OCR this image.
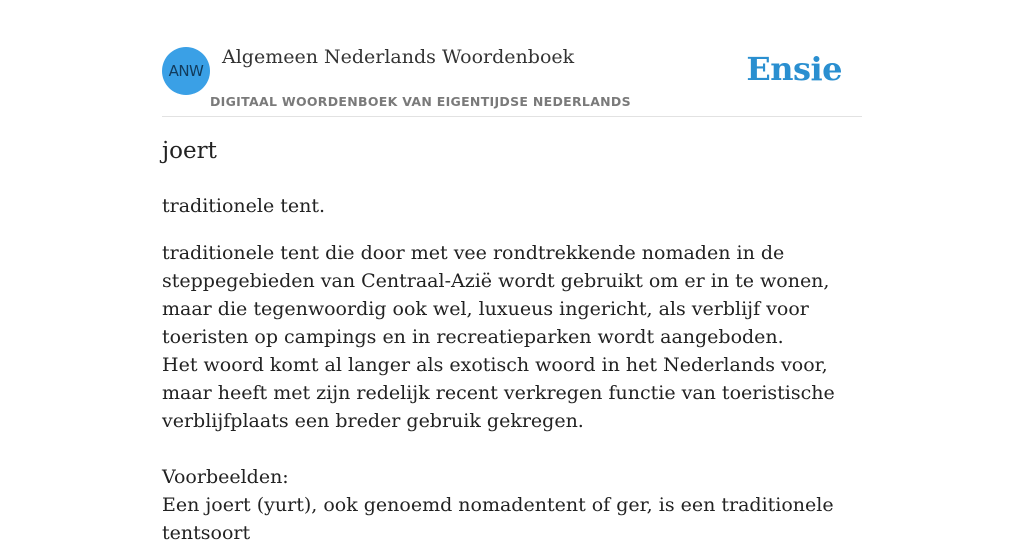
ANW
Algemeen Nederlands Woordenboek
DIGITAAL WOORDENBOEK VAN EIGENTIJDSE NEDERLANDS
Ensie
joert
traditionele tent.
traditionele tent die door met vee rondtrekkende nomaden in de steppegebieden van Centraal-Azië wordt gebruikt om er in te wonen, maar die tegenwoordig ook wel, luxueus ingericht, als verblijf voor toeristen op campings en in recreatieparken wordt aangeboden.
Het woord komt al langer als exotisch woord in het Nederlands voor, maar heeft met zijn redelijk recent verkregen functie van toeristische verblijfplaats een breder gebruik gekregen.

Voorbeelden:
Een joert (yurt), ook genoemd nomadentent of ger, is een traditionele tentsoort
